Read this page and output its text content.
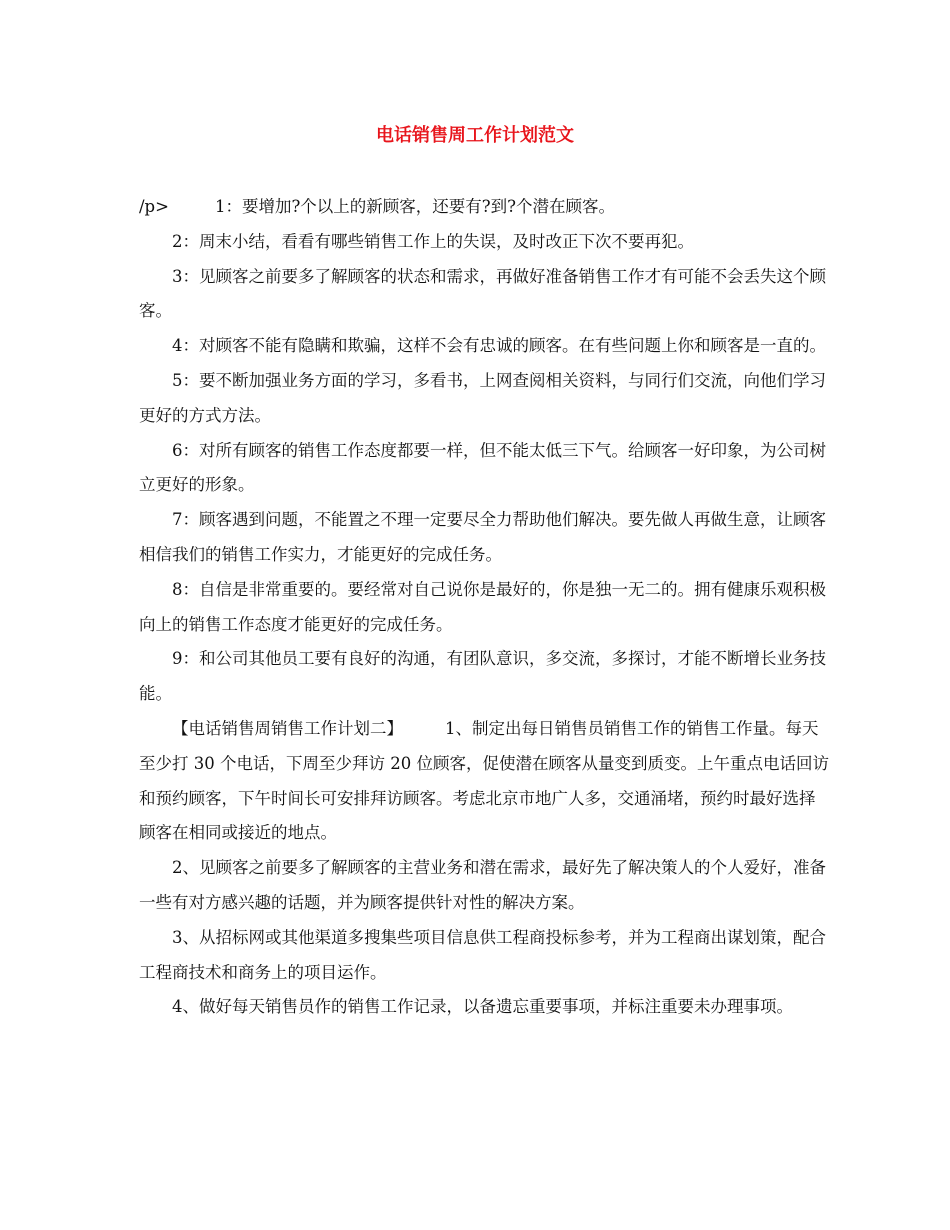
电话销售周工作计划范文

/p>	1：要增加?个以上的新顾客，还要有?到?个潜在顾客。

2：周末小结，看看有哪些销售工作上的失误，及时改正下次不要再犯。

3：见顾客之前要多了解顾客的状态和需求，再做好准备销售工作才有可能不会丢失这个顾客。

4：对顾客不能有隐瞒和欺骗，这样不会有忠诚的顾客。在有些问题上你和顾客是一直的。

5：要不断加强业务方面的学习，多看书，上网查阅相关资料，与同行们交流，向他们学习更好的方式方法。

6：对所有顾客的销售工作态度都要一样，但不能太低三下气。给顾客一好印象，为公司树立更好的形象。

7：顾客遇到问题，不能置之不理一定要尽全力帮助他们解决。要先做人再做生意，让顾客相信我们的销售工作实力，才能更好的完成任务。

8：自信是非常重要的。要经常对自己说你是最好的，你是独一无二的。拥有健康乐观积极向上的销售工作态度才能更好的完成任务。

9：和公司其他员工要有良好的沟通，有团队意识，多交流，多探讨，才能不断增长业务技能。

【电话销售周销售工作计划二】	1、制定出每日销售员销售工作的销售工作量。每天至少打 30 个电话，下周至少拜访 20 位顾客，促使潜在顾客从量变到质变。上午重点电话回访和预约顾客，下午时间长可安排拜访顾客。考虑北京市地广人多，交通涌堵，预约时最好选择顾客在相同或接近的地点。

2、见顾客之前要多了解顾客的主营业务和潜在需求，最好先了解决策人的个人爱好，准备一些有对方感兴趣的话题，并为顾客提供针对性的解决方案。

3、从招标网或其他渠道多搜集些项目信息供工程商投标参考，并为工程商出谋划策，配合工程商技术和商务上的项目运作。

4、做好每天销售员作的销售工作记录，以备遗忘重要事项，并标注重要未办理事项。
